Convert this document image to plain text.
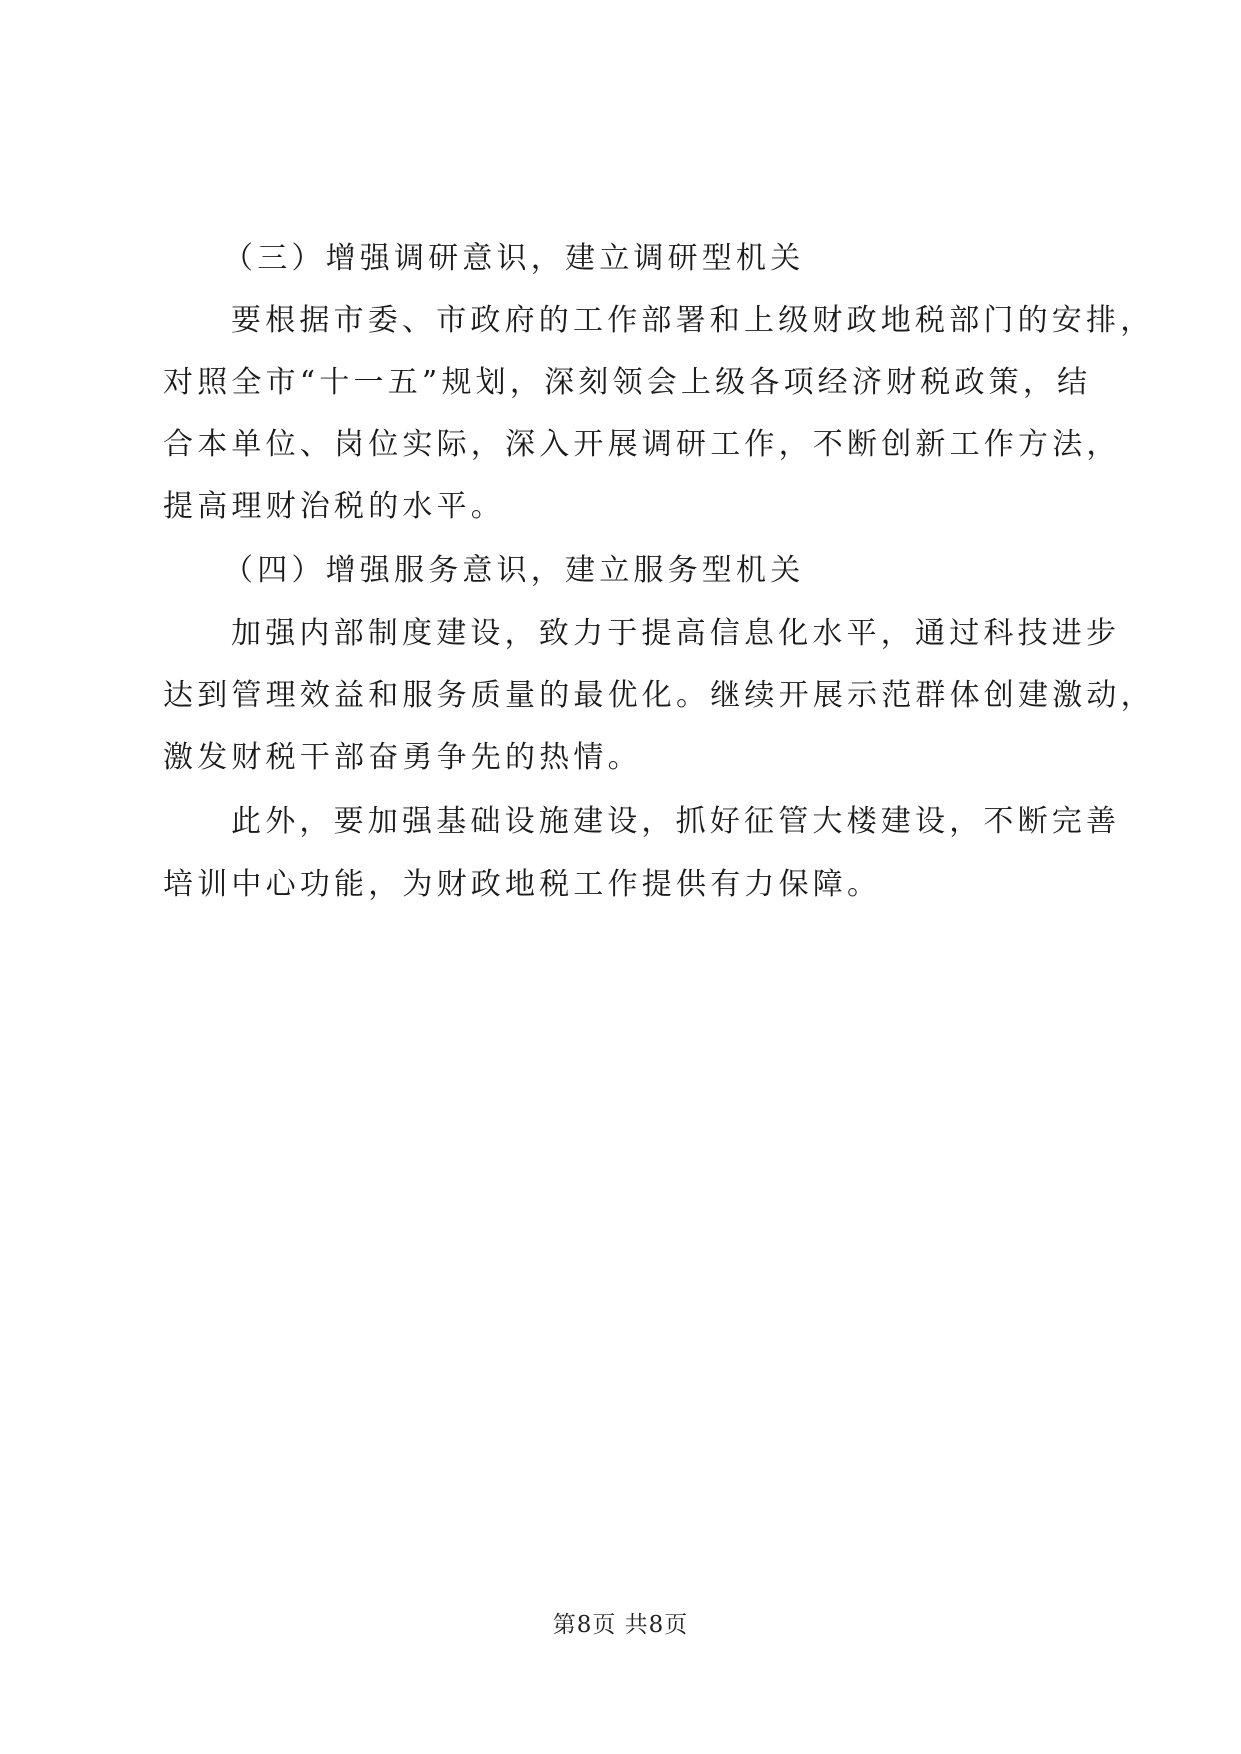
（三）增强调研意识，建立调研型机关
要根据市委、市政府的工作部署和上级财政地税部门的安排，
对照全市“十一五”规划，深刻领会上级各项经济财税政策，结
合本单位、岗位实际，深入开展调研工作，不断创新工作方法，
提高理财治税的水平。
（四）增强服务意识，建立服务型机关
加强内部制度建设，致力于提高信息化水平，通过科技进步
达到管理效益和服务质量的最优化。继续开展示范群体创建激动，
激发财税干部奋勇争先的热情。
此外，要加强基础设施建设，抓好征管大楼建设，不断完善
培训中心功能，为财政地税工作提供有力保障。
第8页 共8页
